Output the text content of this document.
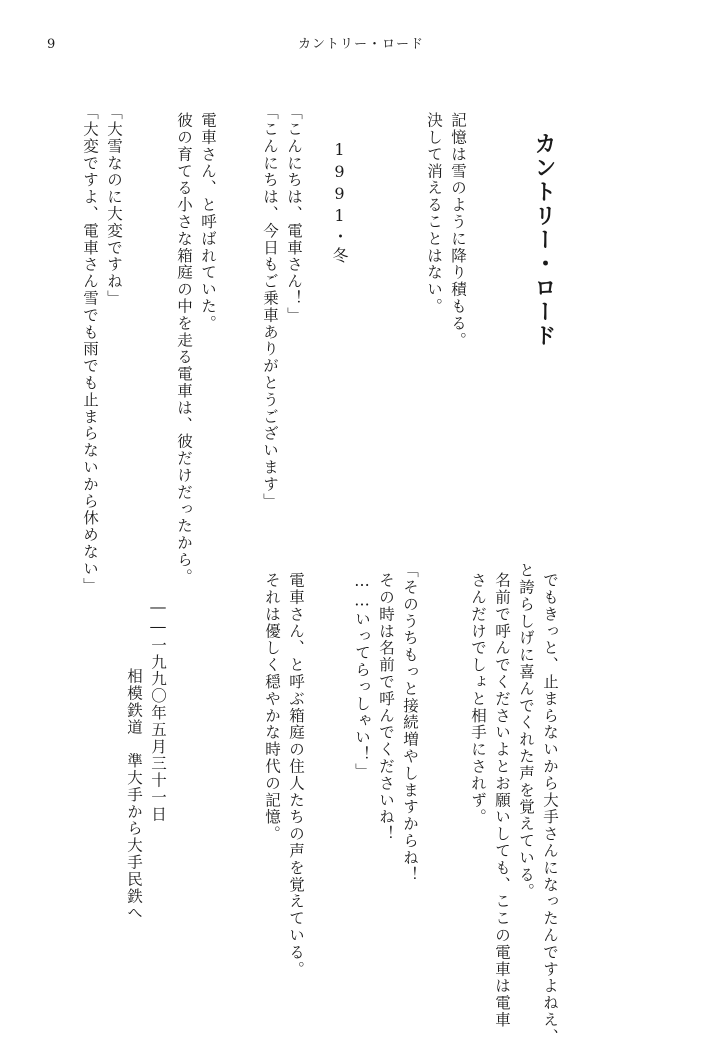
9	カントリー・ロード
カントリー・ロード
記憶は雪のように降り積もる。
決して消えることはない。
1991・冬
「こんにちは、電車さん！」
「こんにちは、今日もご乗車ありがとうございます」
電車さん、と呼ばれていた。
彼の育てる小さな箱庭の中を走る電車は、彼だけだったから。
「大雪なのに大変ですね」
「大変ですよ、電車さん雪でも雨でも止まらないから休めない」
でもきっと、止まらないから大手さんになったんですよねえ、
と誇らしげに喜んでくれた声を覚えている。
名前で呼んでくださいよとお願いしても、ここの電車は電車
さんだけでしょと相手にされず。
「そのうちもっと接続増やしますからね！
その時は名前で呼んでくださいね！
……いってらっしゃい！」
電車さん、と呼ぶ箱庭の住人たちの声を覚えている。
それは優しく穏やかな時代の記憶。
――一九九〇年五月三十一日
相模鉄道　準大手から大手民鉄へ
